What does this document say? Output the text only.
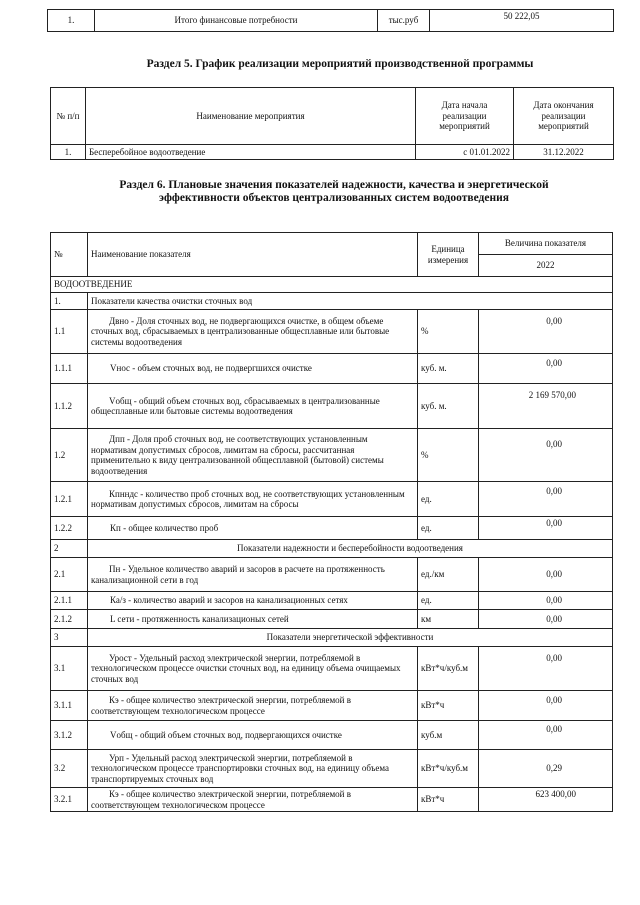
1.	Итого финансовые потребности	тыс.руб	50 222,05
Раздел 5. График реализации мероприятий производственной программы
№ п/п	Наименование мероприятия	Дата начала реализации мероприятий	Дата окончания реализации мероприятий
1.	Бесперебойное водоотведение	с 01.01.2022	31.12.2022
Раздел 6. Плановые значения показателей надежности, качества и энергетической
эффективности объектов централизованных систем водоотведения
№	Наименование показателя	Единица измерения	Величина показателя
			2022
ВОДООТВЕДЕНИЕ			
1.	Показатели качества очистки сточных вод		
1.1	Двно - Доля сточных вод, не подвергающихся очистке, в общем объеме сточных вод, сбрасываемых в централизованные общесплавные или бытовые системы водоотведения	%	0,00
1.1.1	Vнос - объем сточных вод, не подвергшихся очистке	куб. м.	0,00
1.1.2	Vобщ - общий объем сточных вод, сбрасываемых в централизованные общесплавные или бытовые системы водоотведения	куб. м.	2 169 570,00
1.2	Дпп - Доля проб сточных вод, не соответствующих установленным нормативам допустимых сбросов, лимитам на сбросы, рассчитанная применительно к виду централизованной общесплавной (бытовой) системы водоотведения	%	0,00
1.2.1	Кпнндс - количество проб сточных вод, не соответствующих установленным нормативам допустимых сбросов, лимитам на сбросы	ед.	0,00
1.2.2	Кп - общее количество проб	ед.	0,00
2	Показатели надежности и бесперебойности водоотведения		
2.1	Пн - Удельное количество аварий и засоров в расчете на протяженность канализационной сети в год	ед./км	0,00
2.1.1	Ка/з - количество аварий и засоров на канализационных сетях	ед.	0,00
2.1.2	L сети - протяженность канализационых сетей	км	0,00
3	Показатели энергетической эффективности		
3.1	Урост - Удельный расход электрической энергии, потребляемой в технологическом процессе очистки сточных вод, на единицу объема очищаемых сточных вод	кВт*ч/куб.м	0,00
3.1.1	Кэ - общее количество электрической энергии, потребляемой в соответствующем технологическом процессе	кВт*ч	0,00
3.1.2	Vобщ - общий объем сточных вод, подвергающихся очистке	куб.м	0,00
3.2	Урп - Удельный расход электрической энергии, потребляемой в технологическом процессе транспортировки сточных вод, на единицу объема транспортируемых сточных вод	кВт*ч/куб.м	0,29
3.2.1	Кэ - общее количество электрической энергии, потребляемой в соответствующем технологическом процессе	кВт*ч	623 400,00
